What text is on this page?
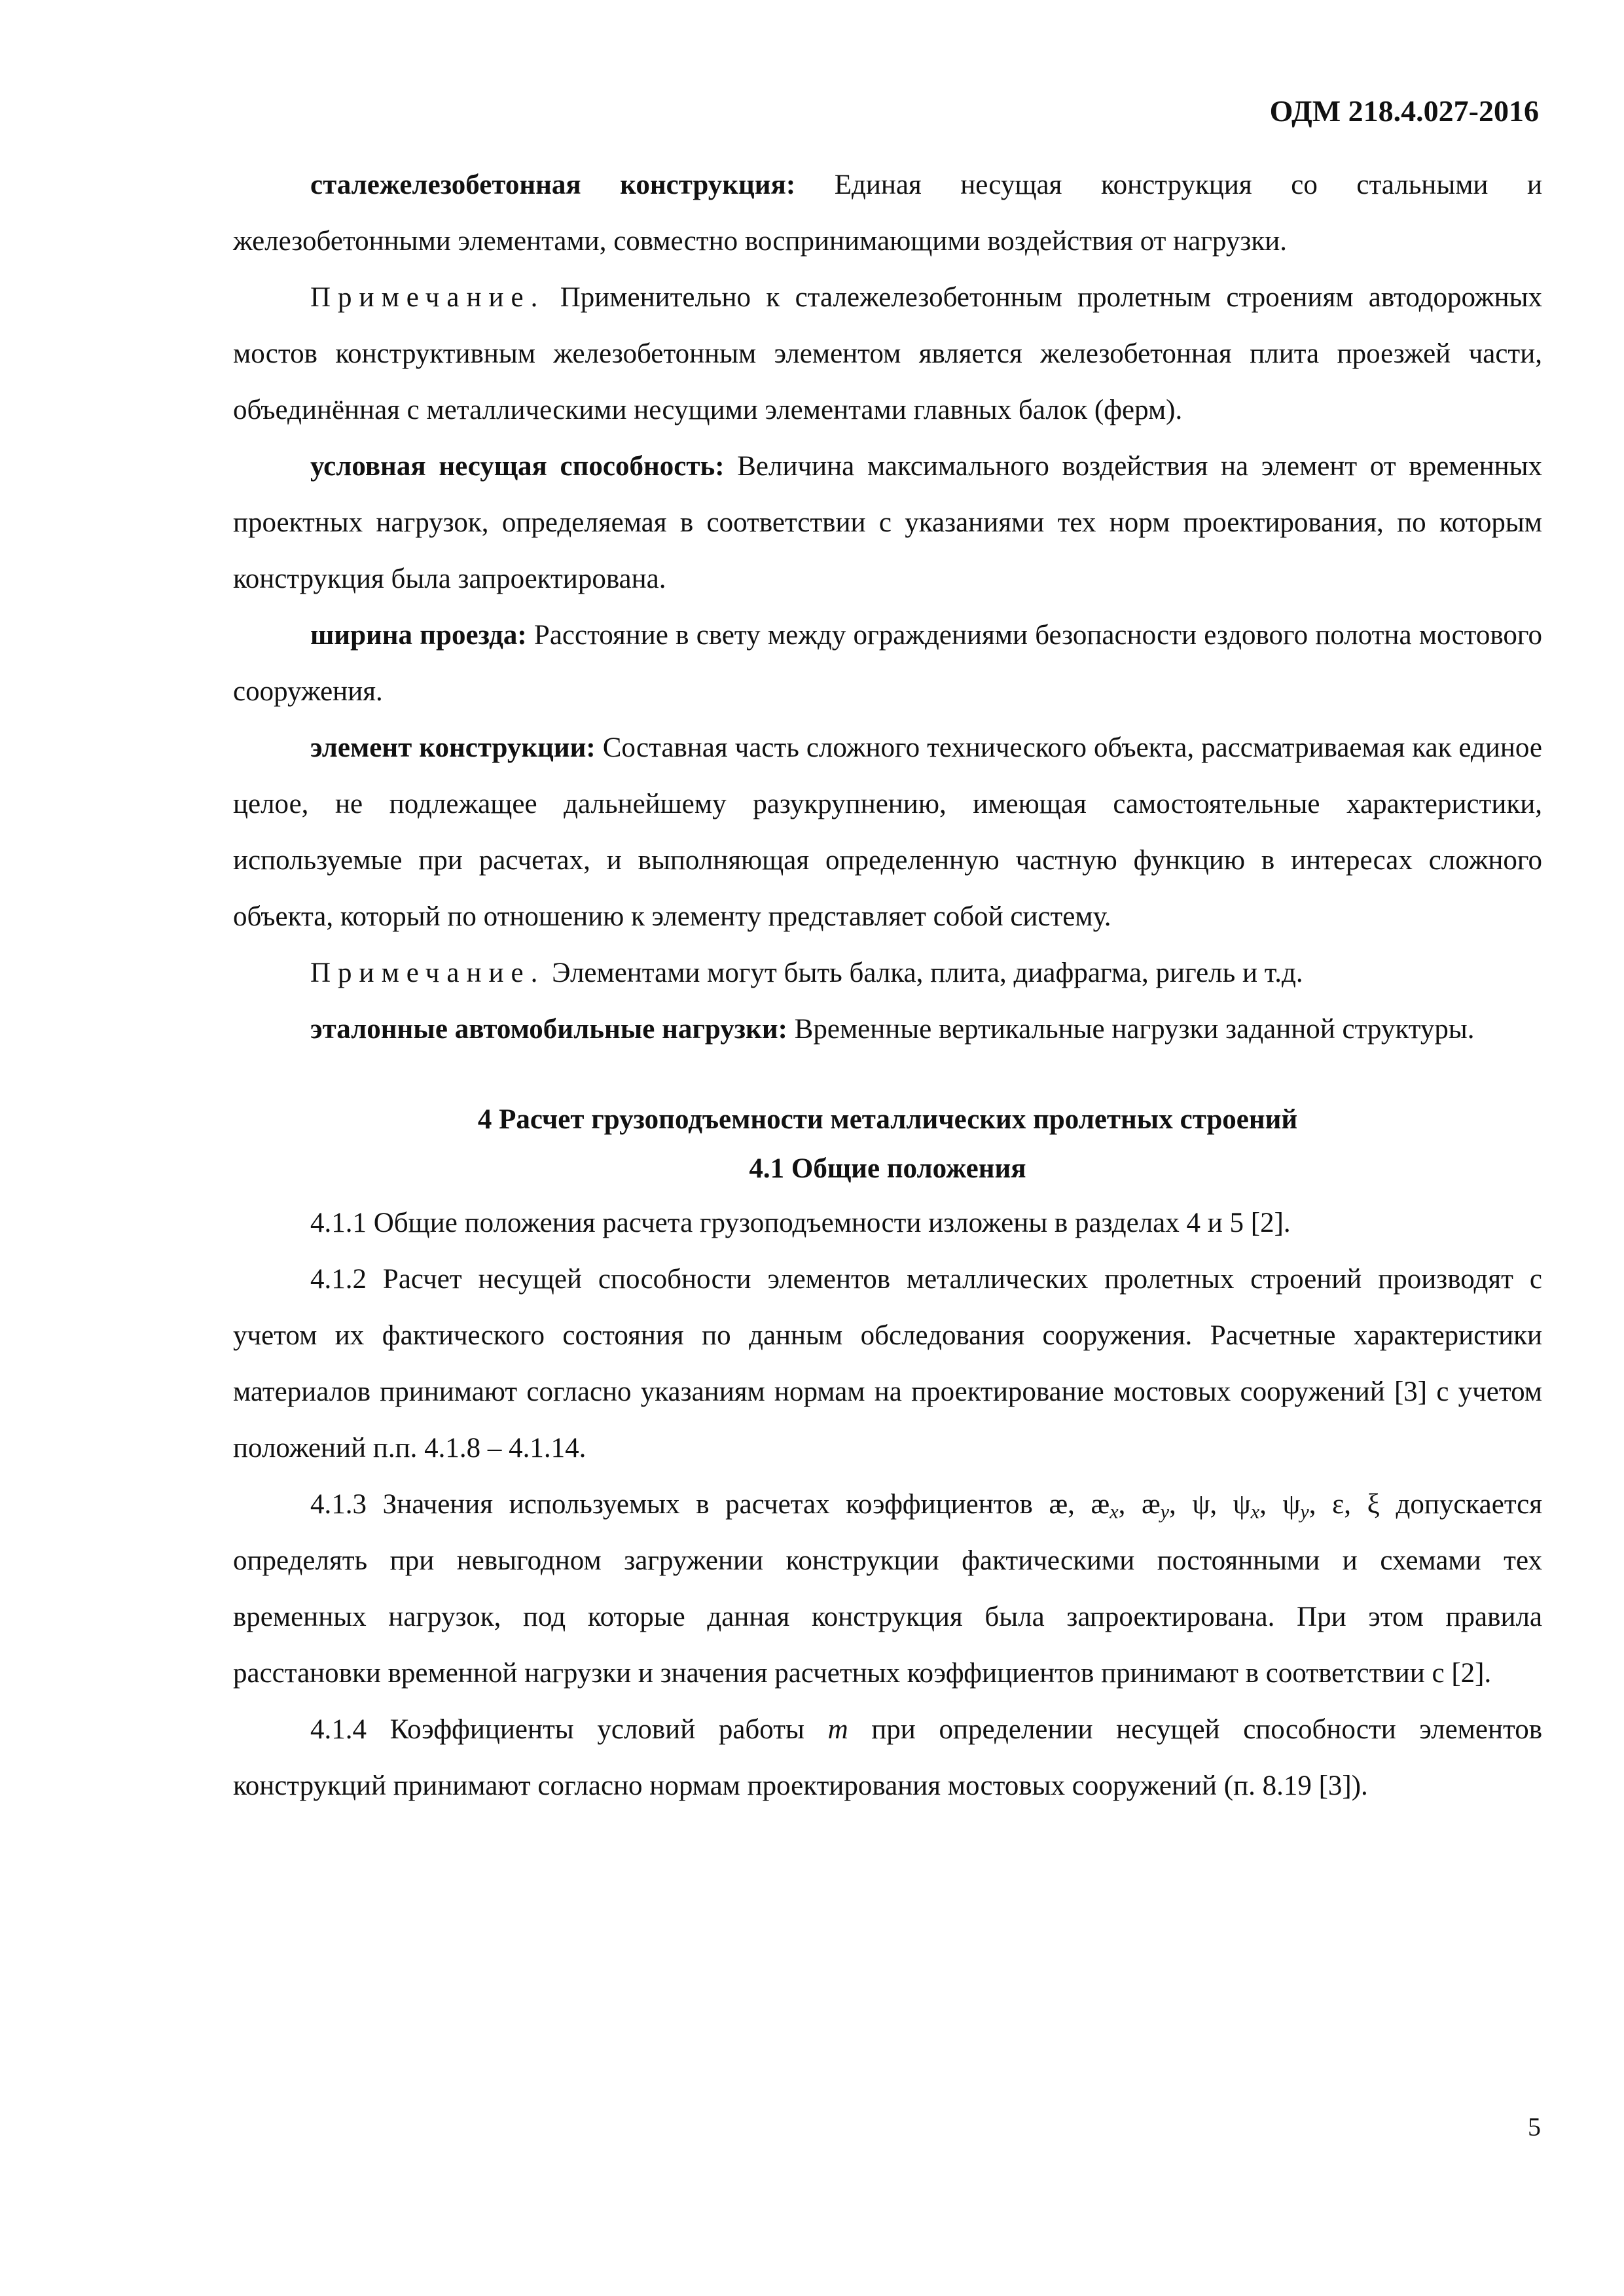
ОДМ 218.4.027-2016

сталежелезобетонная конструкция: Единая несущая конструкция со стальными и железобетонными элементами, совместно воспринимающими воздействия от нагрузки.

Примечание. Применительно к сталежелезобетонным пролетным строениям автодорожных мостов конструктивным железобетонным элементом является железобетонная плита проезжей части, объединённая с металлическими несущими элементами главных балок (ферм).

условная несущая способность: Величина максимального воздействия на элемент от временных проектных нагрузок, определяемая в соответствии с указаниями тех норм проектирования, по которым конструкция была запроектирована.

ширина проезда: Расстояние в свету между ограждениями безопасности ездового полотна мостового сооружения.

элемент конструкции: Составная часть сложного технического объекта, рассматриваемая как единое целое, не подлежащее дальнейшему разукрупнению, имеющая самостоятельные характеристики, используемые при расчетах, и выполняющая определенную частную функцию в интересах сложного объекта, который по отношению к элементу представляет собой систему.

Примечание. Элементами могут быть балка, плита, диафрагма, ригель и т.д.

эталонные автомобильные нагрузки: Временные вертикальные нагрузки заданной структуры.

4 Расчет грузоподъемности металлических пролетных строений

4.1 Общие положения

4.1.1 Общие положения расчета грузоподъемности изложены в разделах 4 и 5 [2].

4.1.2 Расчет несущей способности элементов металлических пролетных строений производят с учетом их фактического состояния по данным обследования сооружения. Расчетные характеристики материалов принимают согласно указаниям нормам на проектирование мостовых сооружений [3] с учетом положений п.п. 4.1.8 – 4.1.14.

4.1.3 Значения используемых в расчетах коэффициентов æ, $æ_x$, $æ_y$, ψ, $\psi_x$, $\psi_y$, ε, ξ допускается определять при невыгодном загружении конструкции фактическими постоянными и схемами тех временных нагрузок, под которые данная конструкция была запроектирована. При этом правила расстановки временной нагрузки и значения расчетных коэффициентов принимают в соответствии с [2].

4.1.4 Коэффициенты условий работы m при определении несущей способности элементов конструкций принимают согласно нормам проектирования мостовых сооружений (п. 8.19 [3]).

5
